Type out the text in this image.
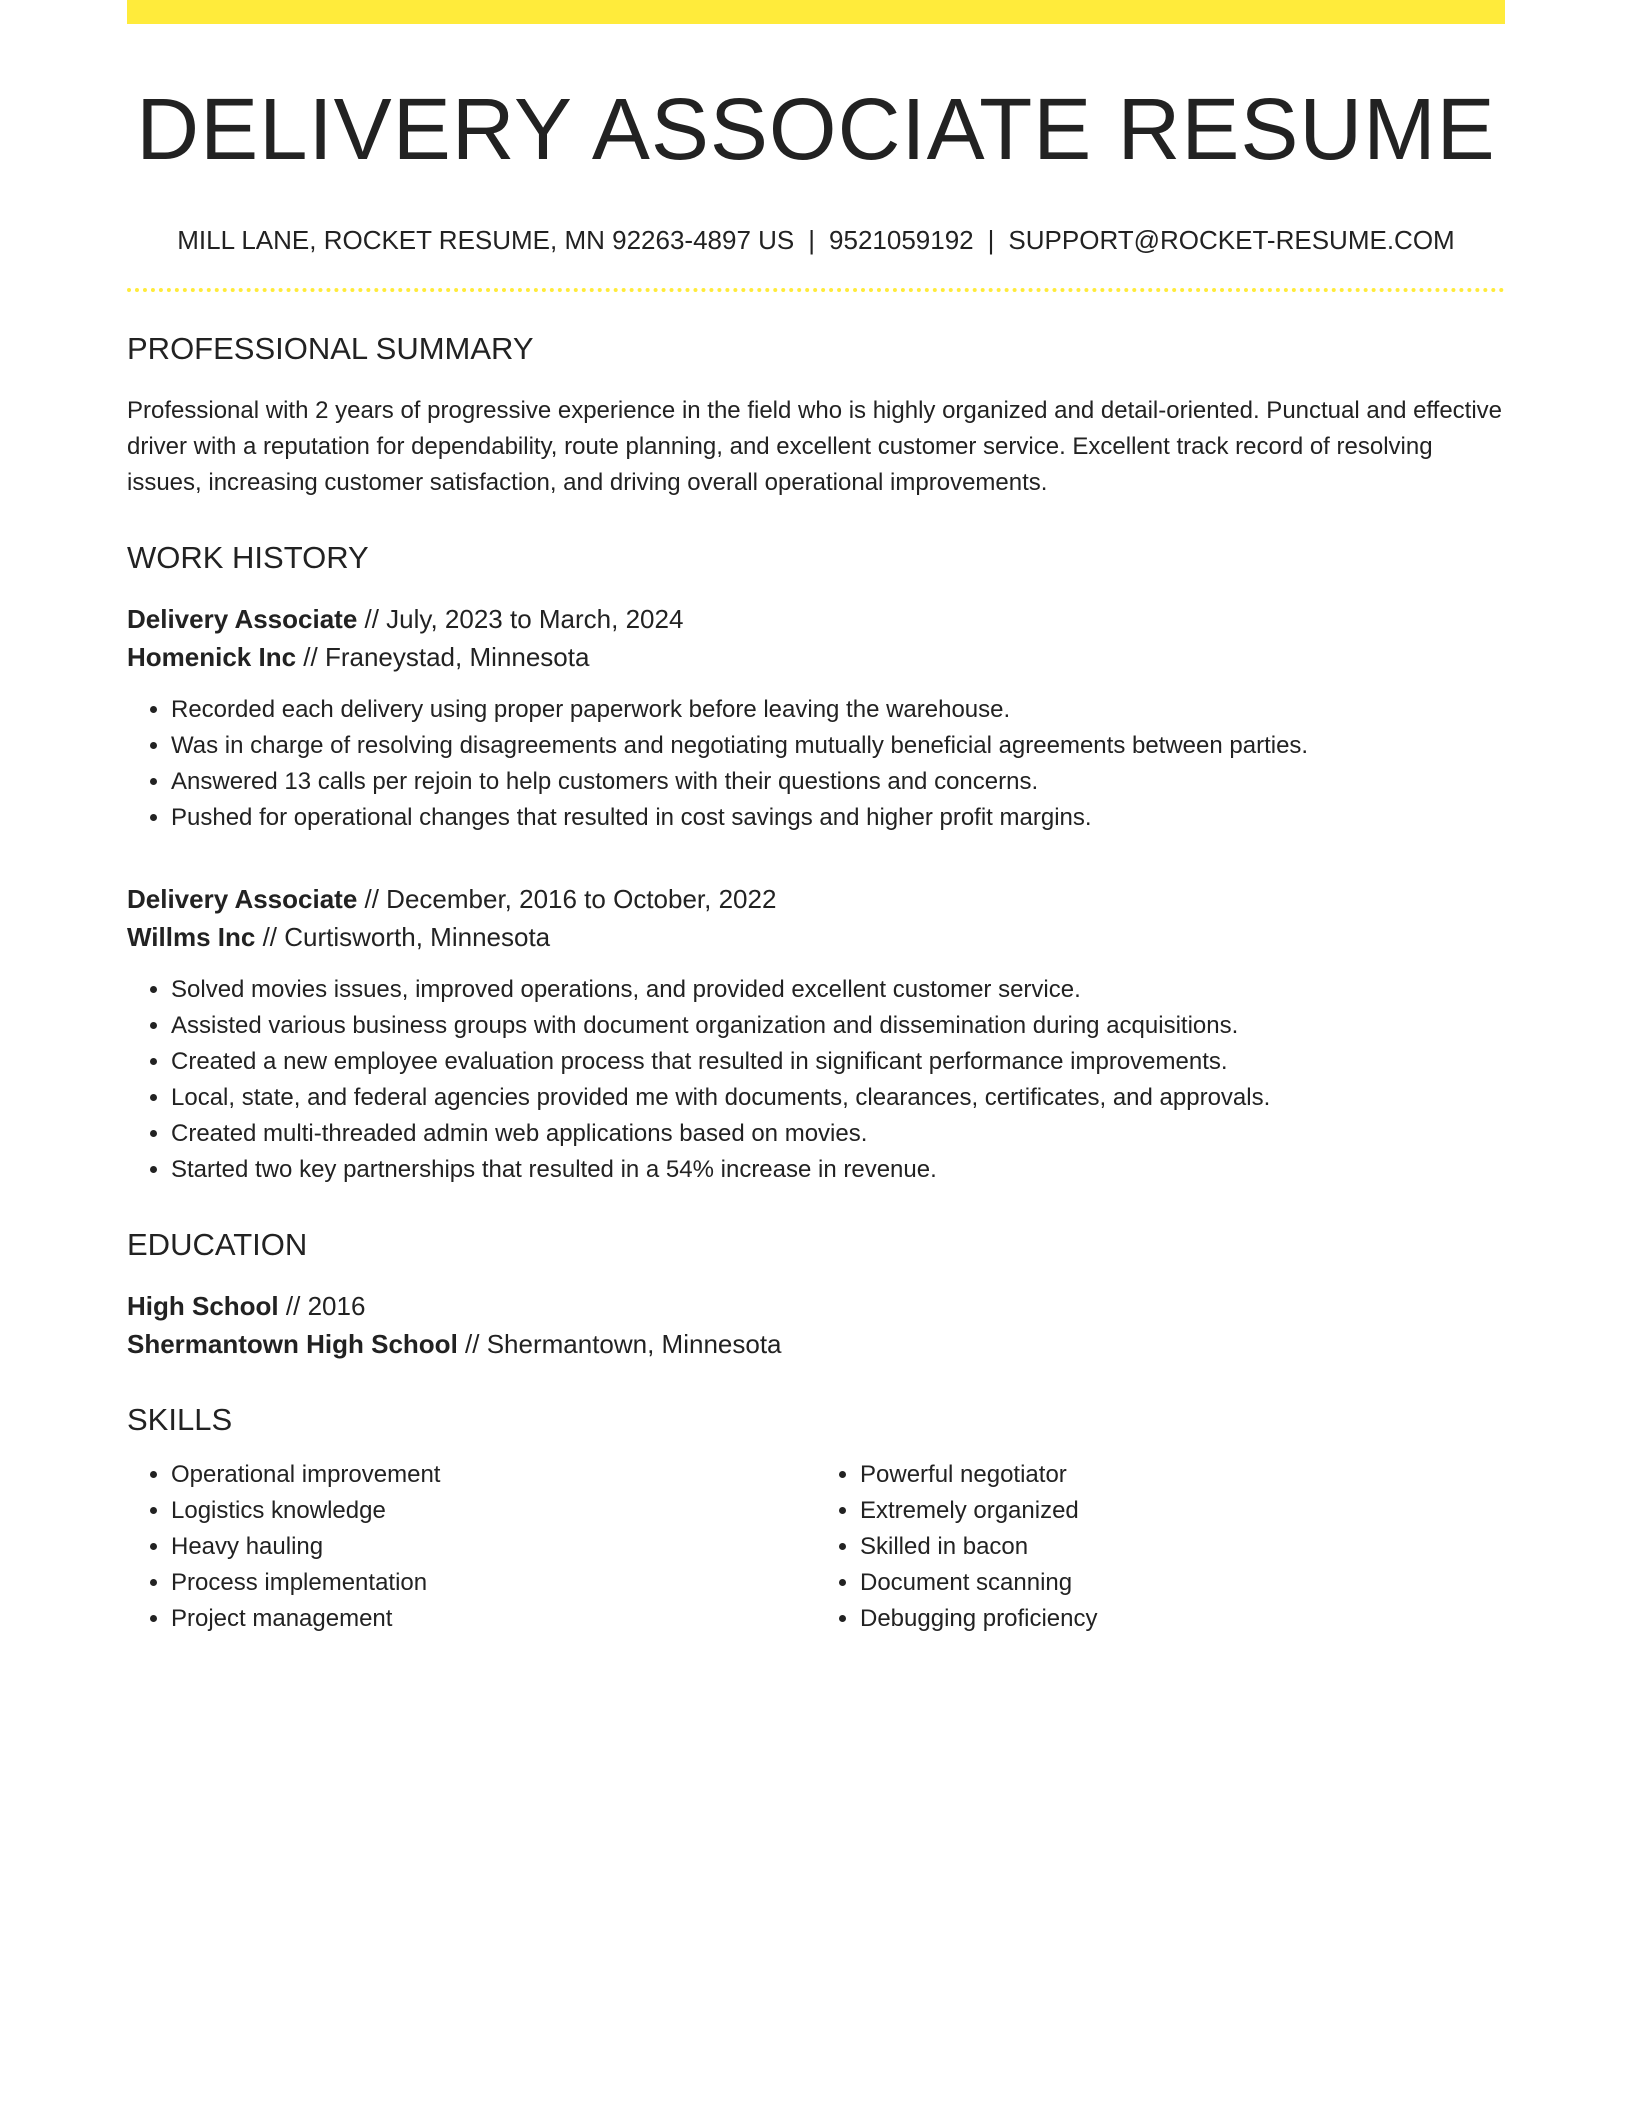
DELIVERY ASSOCIATE RESUME
MILL LANE, ROCKET RESUME, MN 92263-4897 US | 9521059192 | SUPPORT@ROCKET-RESUME.COM
PROFESSIONAL SUMMARY

Professional with 2 years of progressive experience in the field who is highly organized and detail-oriented. Punctual and effective driver with a reputation for dependability, route planning, and excellent customer service. Excellent track record of resolving issues, increasing customer satisfaction, and driving overall operational improvements.

WORK HISTORY
Delivery Associate // July, 2023 to March, 2024
Homenick Inc // Franeystad, Minnesota
• Recorded each delivery using proper paperwork before leaving the warehouse.
• Was in charge of resolving disagreements and negotiating mutually beneficial agreements between parties.
• Answered 13 calls per rejoin to help customers with their questions and concerns.
• Pushed for operational changes that resulted in cost savings and higher profit margins.
Delivery Associate // December, 2016 to October, 2022
Willms Inc // Curtisworth, Minnesota
• Solved movies issues, improved operations, and provided excellent customer service.
• Assisted various business groups with document organization and dissemination during acquisitions.
• Created a new employee evaluation process that resulted in significant performance improvements.
• Local, state, and federal agencies provided me with documents, clearances, certificates, and approvals.
• Created multi-threaded admin web applications based on movies.
• Started two key partnerships that resulted in a 54% increase in revenue.
EDUCATION
High School // 2016
Shermantown High School // Shermantown, Minnesota
SKILLS
• Operational improvement
• Logistics knowledge
• Heavy hauling
• Process implementation
• Project management
• Powerful negotiator
• Extremely organized
• Skilled in bacon
• Document scanning
• Debugging proficiency
